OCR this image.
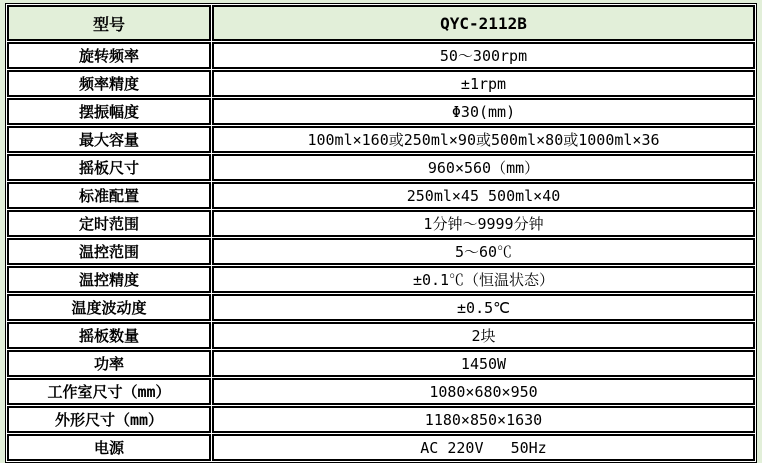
型号	QYC-2112B
旋转频率	50～300rpm
频率精度	±1rpm
摆振幅度	Φ30(mm)
最大容量	100ml×160或250ml×90或500ml×80或1000ml×36
摇板尺寸	960×560（mm）
标准配置	250ml×45 500ml×40
定时范围	1分钟～9999分钟
温控范围	5～60℃
温控精度	±0.1℃（恒温状态）
温度波动度	±0.5℃
摇板数量	2块
功率	1450W
工作室尺寸（mm）	1080×680×950
外形尺寸（mm）	1180×850×1630
电源	AC 220V   50Hz
